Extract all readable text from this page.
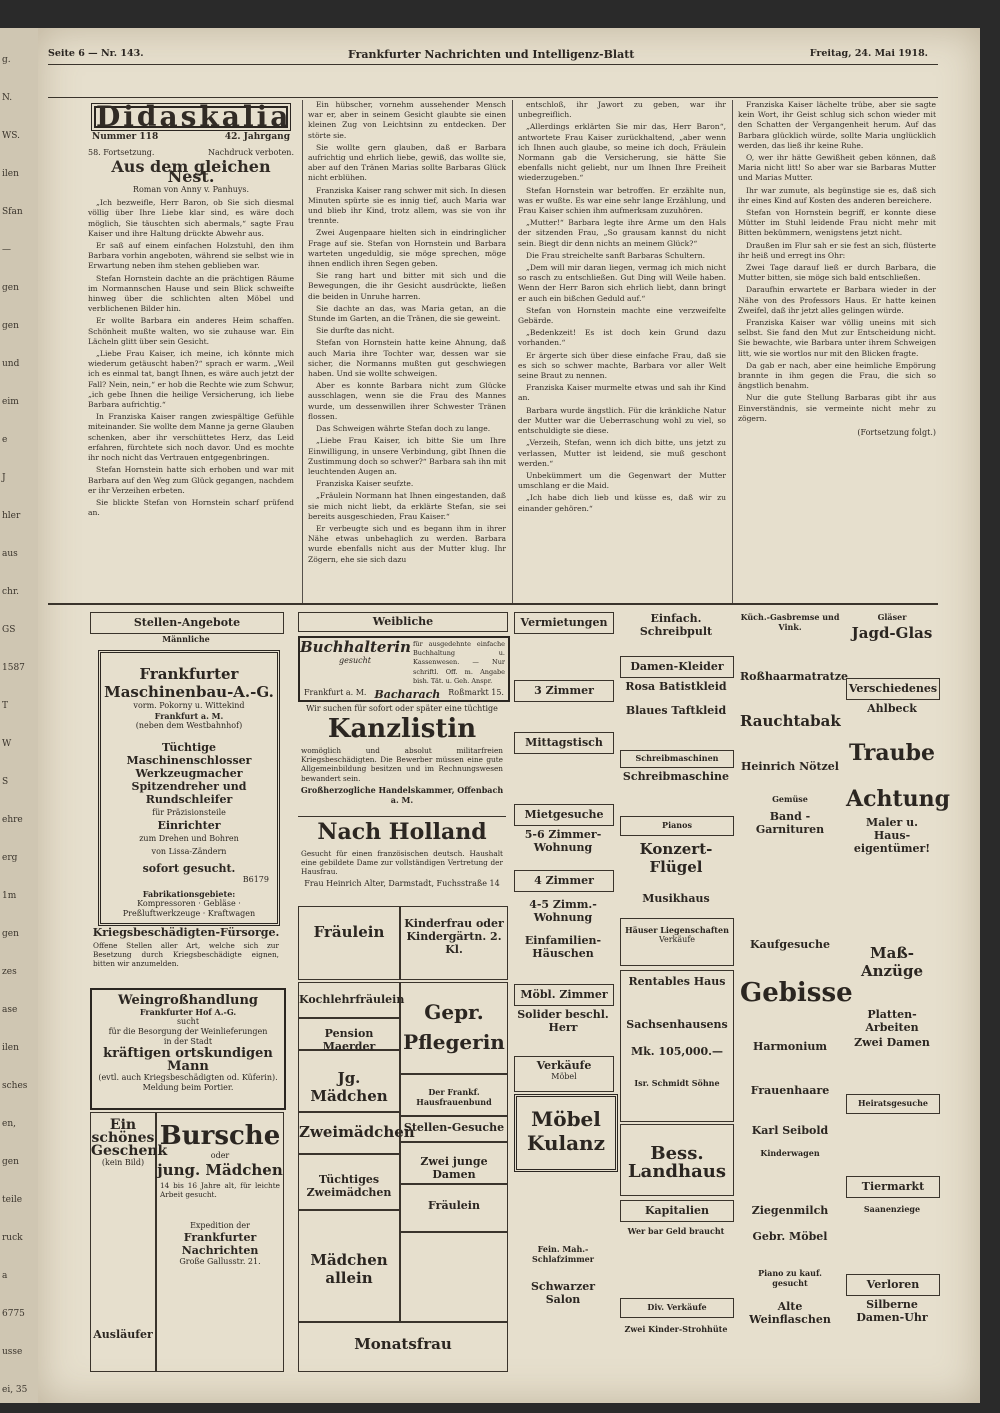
g.
N.
WS.
ilen
Sfan
—
gen
gen
und
eim
e
J
hler
aus
chr.
GS
1587
T
W
S
ehre
erg
1m
gen
zes
ase
ilen
sches
en,
gen
teile
ruck
a
6775
usse
ei, 35
Seite 6 — Nr. 143.	Frankfurter Nachrichten und Intelligenz-Blatt	Freitag, 24. Mai 1918.
Didaskalia
Nummer 118	42. Jahrgang
58. Fortsetzung.	Nachdruck verboten.
Aus dem gleichen Nest.
Roman von Anny v. Panhuys.

„Ich bezweifle, Herr Baron, ob Sie sich diesmal völlig über Ihre Liebe klar sind, es wäre doch möglich, Sie täuschten sich abermals,“ sagte Frau Kaiser und ihre Haltung drückte Abwehr aus.

Er saß auf einem einfachen Holzstuhl, den ihm Barbara vorhin angeboten, während sie selbst wie in Erwartung neben ihm stehen geblieben war.

Stefan Hornstein dachte an die prächtigen Räume im Normannschen Hause und sein Blick schweifte hinweg über die schlichten alten Möbel und verblichenen Bilder hin.

Er wollte Barbara ein anderes Heim schaffen. Schönheit mußte walten, wo sie zuhause war. Ein Lächeln glitt über sein Gesicht.

„Liebe Frau Kaiser, ich meine, ich könnte mich wiederum getäuscht haben?“ sprach er warm. „Weil ich es einmal tat, bangt Ihnen, es wäre auch jetzt der Fall? Nein, nein,“ er hob die Rechte wie zum Schwur, „ich gebe Ihnen die heilige Versicherung, ich liebe Barbara aufrichtig.“

In Franziska Kaiser rangen zwiespältige Gefühle miteinander. Sie wollte dem Manne ja gerne Glauben schenken, aber ihr verschüttetes Herz, das Leid erfahren, fürchtete sich noch davor. Und es mochte ihr noch nicht das Vertrauen entgegenbringen.

Stefan Hornstein hatte sich erhoben und war mit Barbara auf den Weg zum Glück gegangen, nachdem er ihr Verzeihen erbeten.

Sie blickte Stefan von Hornstein scharf prüfend an.

Ein hübscher, vornehm aussehender Mensch war er, aber in seinem Gesicht glaubte sie einen kleinen Zug von Leichtsinn zu entdecken. Der störte sie.

Sie wollte gern glauben, daß er Barbara aufrichtig und ehrlich liebe, gewiß, das wollte sie, aber auf den Tränen Marias sollte Barbaras Glück nicht erblühen.

Franziska Kaiser rang schwer mit sich. In diesen Minuten spürte sie es innig tief, auch Maria war und blieb ihr Kind, trotz allem, was sie von ihr trennte.

Zwei Augenpaare hielten sich in eindringlicher Frage auf sie. Stefan von Hornstein und Barbara warteten ungeduldig, sie möge sprechen, möge ihnen endlich ihren Segen geben.

Sie rang hart und bitter mit sich und die Bewegungen, die ihr Gesicht ausdrückte, ließen die beiden in Unruhe harren.

Sie dachte an das, was Maria getan, an die Stunde im Garten, an die Tränen, die sie geweint.

Sie durfte das nicht.

Stefan von Hornstein hatte keine Ahnung, daß auch Maria ihre Tochter war, dessen war sie sicher, die Normanns mußten gut geschwiegen haben. Und sie wollte schweigen.

Aber es konnte Barbara nicht zum Glücke ausschlagen, wenn sie die Frau des Mannes wurde, um dessenwillen ihrer Schwester Tränen flossen.

Das Schweigen währte Stefan doch zu lange.

„Liebe Frau Kaiser, ich bitte Sie um Ihre Einwilligung, in unsere Verbindung, gibt Ihnen die Zustimmung doch so schwer?“ Barbara sah ihn mit leuchtenden Augen an.

Franziska Kaiser seufzte.

„Fräulein Normann hat Ihnen eingestanden, daß sie mich nicht liebt, da erklärte Stefan, sie sei bereits ausgeschieden, Frau Kaiser.“

Er verbeugte sich und es begann ihm in ihrer Nähe etwas unbehaglich zu werden. Barbara wurde ebenfalls nicht aus der Mutter klug. Ihr Zögern, ehe sie sich dazu

entschloß, ihr Jawort zu geben, war ihr unbegreiflich.

„Allerdings erklärten Sie mir das, Herr Baron“, antwortete Frau Kaiser zurückhaltend, „aber wenn ich Ihnen auch glaube, so meine ich doch, Fräulein Normann gab die Versicherung, sie hätte Sie ebenfalls nicht geliebt, nur um Ihnen Ihre Freiheit wiederzugeben.“

Stefan Hornstein war betroffen. Er erzählte nun, was er wußte. Es war eine sehr lange Erzählung, und Frau Kaiser schien ihm aufmerksam zuzuhören.

„Mutter!“ Barbara legte ihre Arme um den Hals der sitzenden Frau, „So grausam kannst du nicht sein. Biegt dir denn nichts an meinem Glück?“

Die Frau streichelte sanft Barbaras Schultern.

„Dem will mir daran liegen, vermag ich mich nicht so rasch zu entschließen. Gut Ding will Weile haben. Wenn der Herr Baron sich ehrlich liebt, dann bringt er auch ein bißchen Geduld auf.“

Stefan von Hornstein machte eine verzweifelte Gebärde.

„Bedenkzeit! Es ist doch kein Grund dazu vorhanden.“

Er ärgerte sich über diese einfache Frau, daß sie es sich so schwer machte, Barbara vor aller Welt seine Braut zu nennen.

Franziska Kaiser murmelte etwas und sah ihr Kind an.

Barbara wurde ängstlich. Für die kränkliche Natur der Mutter war die Ueberraschung wohl zu viel, so entschuldigte sie diese.

„Verzeih, Stefan, wenn ich dich bitte, uns jetzt zu verlassen, Mutter ist leidend, sie muß geschont werden.“

Unbekümmert um die Gegenwart der Mutter umschlang er die Maid.

„Ich habe dich lieb und küsse es, daß wir zu einander gehören.“

Franziska Kaiser lächelte trübe, aber sie sagte kein Wort, ihr Geist schlug sich schon wieder mit den Schatten der Vergangenheit herum. Auf das Barbara glücklich würde, sollte Maria unglücklich werden, das ließ ihr keine Ruhe.

O, wer ihr hätte Gewißheit geben können, daß Maria nicht litt! So aber war sie Barbaras Mutter und Marias Mutter.

Ihr war zumute, als begünstige sie es, daß sich ihr eines Kind auf Kosten des anderen bereichere.

Stefan von Hornstein begriff, er konnte diese Mütter im Stuhl leidende Frau nicht mehr mit Bitten bekümmern, wenigstens jetzt nicht.

Draußen im Flur sah er sie fest an sich, flüsterte ihr heiß und erregt ins Ohr:

Zwei Tage darauf ließ er durch Barbara, die Mutter bitten, sie möge sich bald entschließen.

Daraufhin erwartete er Barbara wieder in der Nähe von des Professors Haus. Er hatte keinen Zweifel, daß ihr jetzt alles gelingen würde.

Franziska Kaiser war völlig uneins mit sich selbst. Sie fand den Mut zur Entscheidung nicht. Sie bewachte, wie Barbara unter ihrem Schweigen litt, wie sie wortlos nur mit den Blicken fragte.

Da gab er nach, aber eine heimliche Empörung brannte in ihm gegen die Frau, die sich so ängstlich benahm.

Nur die gute Stellung Barbaras gibt ihr aus Einverständnis, sie vermeinte nicht mehr zu zögern.

(Fortsetzung folgt.)
Stellen-Angebote
Männliche
Frankfurter Maschinenbau-A.-G.
vorm. Pokorny u. Wittekind
Frankfurt a. M.
(neben dem Westbahnhof)
Tüchtige
Maschinenschlosser
Werkzeugmacher
Spitzendreher und
Rundschleifer
für Präzisionsteile
Einrichter
zum Drehen und Bohren
von Lissa-Zändern
sofort gesucht.
B6179
Fabrikationsgebiete:
Kompressoren · Gebläse · Preßluftwerkzeuge · Kraftwagen
Kriegsbeschädigten-Fürsorge.
Offene Stellen aller Art, welche sich zur Besetzung durch Kriegsbeschädigte eignen, bitten wir anzumelden.
Weingroßhandlung
Frankfurter Hof A.-G.
sucht
für die Besorgung der Weinlieferungen
in der Stadt
kräftigen ortskundigen Mann
(evtl. auch Kriegsbeschädigten od. Küferin).
Meldung beim Portier.
Ein schönes Geschenk
(kein Bild)
Ausläufer
Bursche
oder
jung. Mädchen
14 bis 16 Jahre alt, für leichte Arbeit gesucht.
Expedition der
Frankfurter Nachrichten
Große Gallusstr. 21.
Weibliche
Buchhalterin
gesucht
für ausgedehnte einfache Buchhaltung u. Kassenwesen. — Nur schriftl. Off. m. Angabe bish. Tät. u. Geh. Anspr.
Frankfurt a. M. Bacharach Roßmarkt 15.
Wir suchen für sofort oder später eine tüchtige
Kanzlistin
womöglich und absolut militarfreien Kriegsbeschädigten. Die Bewerber müssen eine gute Allgemeinbildung besitzen und im Rechnungswesen bewandert sein.
Großherzogliche Handelskammer, Offenbach a. M.
Nach Holland
Gesucht für einen französischen deutsch. Haushalt eine gebildete Dame zur vollständigen Vertretung der Hausfrau.
Frau Heinrich Alter, Darmstadt, Fuchsstraße 14
Fräulein	Kinderfrau oder Kindergärtn. 2. Kl.
Kochlehrfräulein
Gepr. Pflegerin
Pension Maerder
Jg. Mädchen	Der Frankf. Hausfrauenbund
Zweimädchen
Stellen-Gesuche
Zwei junge Damen
Tüchtiges Zweimädchen
Fräulein
Mädchen allein

Monatsfrau
Vermietungen

3 Zimmer
Mittagstisch
Mietgesuche
5-6 Zimmer-Wohnung
4 Zimmer
4-5 Zimm.-Wohnung
Einfamilien-Häuschen
Möbl. Zimmer
Solider beschl. Herr
Verkäufe
Möbel
Möbel Kulanz
Fein. Mah.-Schlafzimmer
Schwarzer Salon
Einfach. Schreibpult
Damen-Kleider
Rosa Batistkleid
Blaues Taftkleid
Schreibmaschinen
Schreibmaschine
Pianos
Konzert-Flügel
Musikhaus
Häuser Liegenschaften
Verkäufe
Rentables Haus
Sachsenhausens
Mk. 105,000.—
Isr. Schmidt Söhne
Bess. Landhaus
Kapitalien
Wer bar Geld braucht
Div. Verkäufe
Zwei Kinder-Strohhüte
Küch.-Gasbremse und Vink.
Roßhaarmatratze
Rauchtabak
Heinrich Nötzel
Gemüse
Band - Garnituren
Kaufgesuche
Gebisse
Harmonium
Frauenhaare
Karl Seibold
Kinderwagen
Ziegenmilch
Gebr. Möbel
Piano zu kauf. gesucht
Alte Weinflaschen
Gläser
Jagd-Glas
Verschiedenes
Ahlbeck
Traube
Achtung
Maler u. Haus-eigentümer!
Maß-Anzüge
Platten-Arbeiten
Zwei Damen
Heiratsgesuche
Tiermarkt
Saanenziege
Verloren
Silberne Damen-Uhr
